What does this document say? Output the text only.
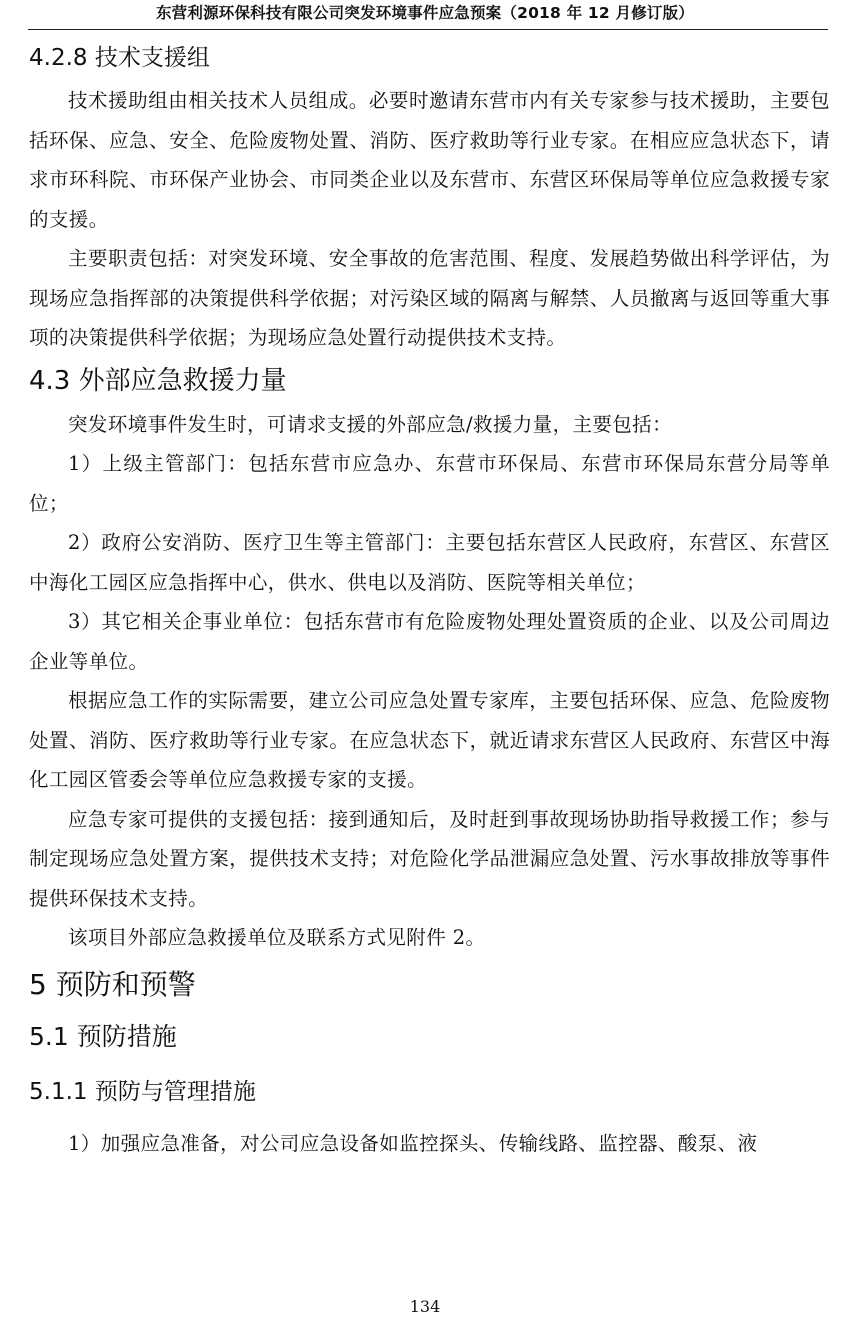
东营利源环保科技有限公司突发环境事件应急预案（2018 年 12 月修订版）
4.2.8 技术支援组

技术援助组由相关技术人员组成。必要时邀请东营市内有关专家参与技术援助，主要包括环保、应急、安全、危险废物处置、消防、医疗救助等行业专家。在相应应急状态下，请求市环科院、市环保产业协会、市同类企业以及东营市、东营区环保局等单位应急救援专家的支援。

主要职责包括：对突发环境、安全事故的危害范围、程度、发展趋势做出科学评估，为现场应急指挥部的决策提供科学依据；对污染区域的隔离与解禁、人员撤离与返回等重大事项的决策提供科学依据；为现场应急处置行动提供技术支持。

4.3 外部应急救援力量

突发环境事件发生时，可请求支援的外部应急/救援力量，主要包括：

1）上级主管部门：包括东营市应急办、东营市环保局、东营市环保局东营分局等单位；

2）政府公安消防、医疗卫生等主管部门：主要包括东营区人民政府，东营区、东营区中海化工园区应急指挥中心，供水、供电以及消防、医院等相关单位；

3）其它相关企事业单位：包括东营市有危险废物处理处置资质的企业、以及公司周边企业等单位。

根据应急工作的实际需要，建立公司应急处置专家库，主要包括环保、应急、危险废物处置、消防、医疗救助等行业专家。在应急状态下，就近请求东营区人民政府、东营区中海化工园区管委会等单位应急救援专家的支援。

应急专家可提供的支援包括：接到通知后，及时赶到事故现场协助指导救援工作；参与制定现场应急处置方案，提供技术支持；对危险化学品泄漏应急处置、污水事故排放等事件提供环保技术支持。

该项目外部应急救援单位及联系方式见附件 2。

5 预防和预警
5.1 预防措施
5.1.1 预防与管理措施

1）加强应急准备，对公司应急设备如监控探头、传输线路、监控器、酸泵、液

134
